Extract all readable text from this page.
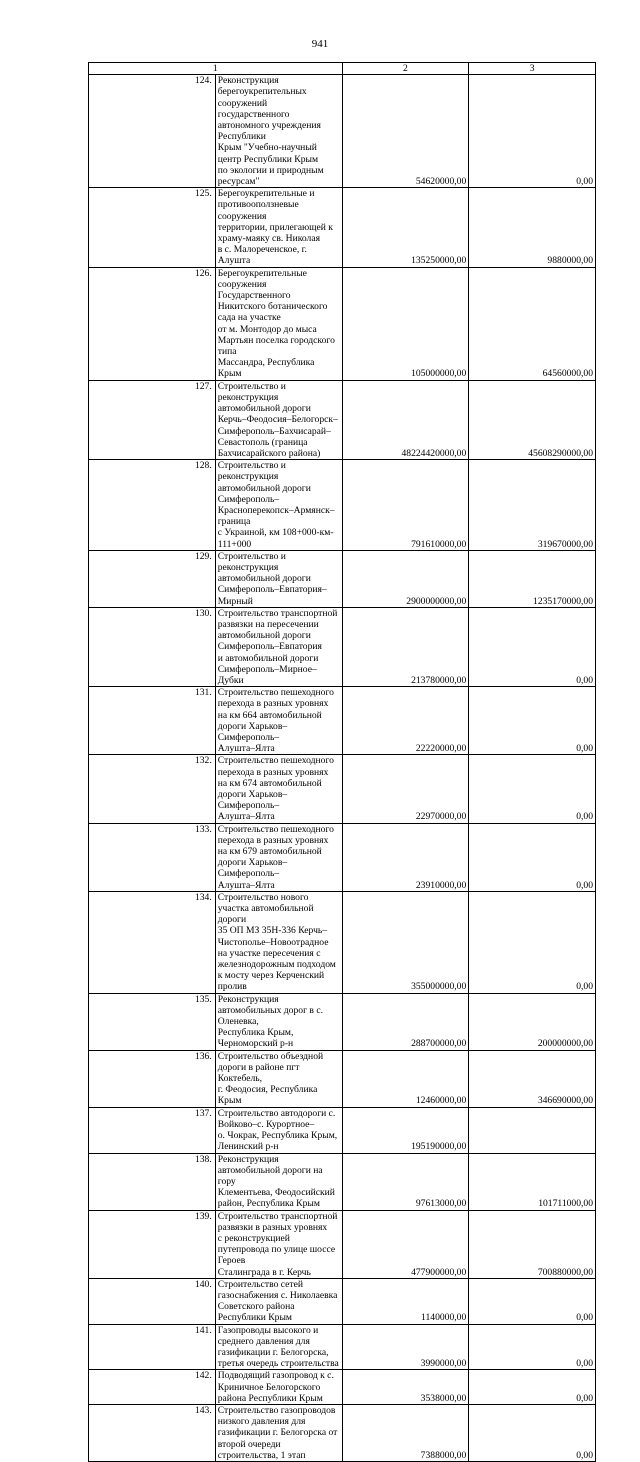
941
1		2	3
124.	Реконструкция берегоукрепительных сооружений
государственного автономного учреждения Республики
Крым "Учебно-научный центр Республики Крым
по экологии и природным ресурсам"	54620000,00	0,00
125.	Берегоукрепительные и противооползневые сооружения
территории, прилегающей к храму-маяку св. Николая
в с. Малореченское, г. Алушта	135250000,00	9880000,00
126.	Берегоукрепительные сооружения Государственного
Никитского ботанического сада на участке
от м. Монтодор до мыса Мартьян поселка городского типа
Массандра, Республика Крым	105000000,00	64560000,00
127.	Строительство и реконструкция автомобильной дороги
Керчь–Феодосия–Белогорск–Симферополь–Бахчисарай–
Севастополь (граница Бахчисарайского района)	48224420000,00	45608290000,00
128.	Строительство и реконструкция автомобильной дороги
Симферополь–Красноперекопск–Армянск–граница
с Украиной, км 108+000-км- 111+000	791610000,00	319670000,00
129.	Строительство и реконструкция автомобильной дороги
Симферополь–Евпатория–Мирный	2900000000,00	1235170000,00
130.	Строительство транспортной развязки на пересечении
автомобильной дороги Симферополь–Евпатория
и автомобильной дороги Симферополь–Мирное–Дубки	213780000,00	0,00
131.	Строительство пешеходного перехода в разных уровнях
на км 664 автомобильной дороги Харьков–Симферополь–
Алушта–Ялта	22220000,00	0,00
132.	Строительство пешеходного перехода в разных уровнях
на км 674 автомобильной дороги Харьков–Симферополь–
Алушта–Ялта	22970000,00	0,00
133.	Строительство пешеходного перехода в разных уровнях
на км 679 автомобильной дороги Харьков–Симферополь–
Алушта–Ялта	23910000,00	0,00
134.	Строительство нового участка автомобильной дороги
35 ОП МЗ 35Н-336 Керчь–Чистополье–Новоотрадное
на участке пересечения с железнодорожным подходом
к мосту через Керченский пролив	355000000,00	0,00
135.	Реконструкция автомобильных дорог в с. Оленевка,
Республика Крым, Черноморский р-н	288700000,00	200000000,00
136.	Строительство объездной дороги в районе пгт Коктебель,
г. Феодосия, Республика Крым	12460000,00	346690000,00
137.	Строительство автодороги с. Войково–с. Курортное–
о. Чокрак, Республика Крым, Ленинский р-н	195190000,00	
138.	Реконструкция автомобильной дороги на гору
Клементьева, Феодосийский район, Республика Крым	97613000,00	101711000,00
139.	Строительство транспортной развязки в разных уровнях
с реконструкцией путепровода по улице шоссе Героев
Сталинграда в г. Керчь	477900000,00	700880000,00
140.	Строительство сетей газоснабжения с. Николаевка
Советского района Республики Крым	1140000,00	0,00
141.	Газопроводы высокого и среднего давления для
газификации г. Белогорска, третья очередь строительства	3990000,00	0,00
142.	Подводящий газопровод к с. Криничное Белогорского
района Республики Крым	3538000,00	0,00
143.	Строительство газопроводов низкого давления для
газификации г. Белогорска от второй очереди
строительства, 1 этап	7388000,00	0,00
